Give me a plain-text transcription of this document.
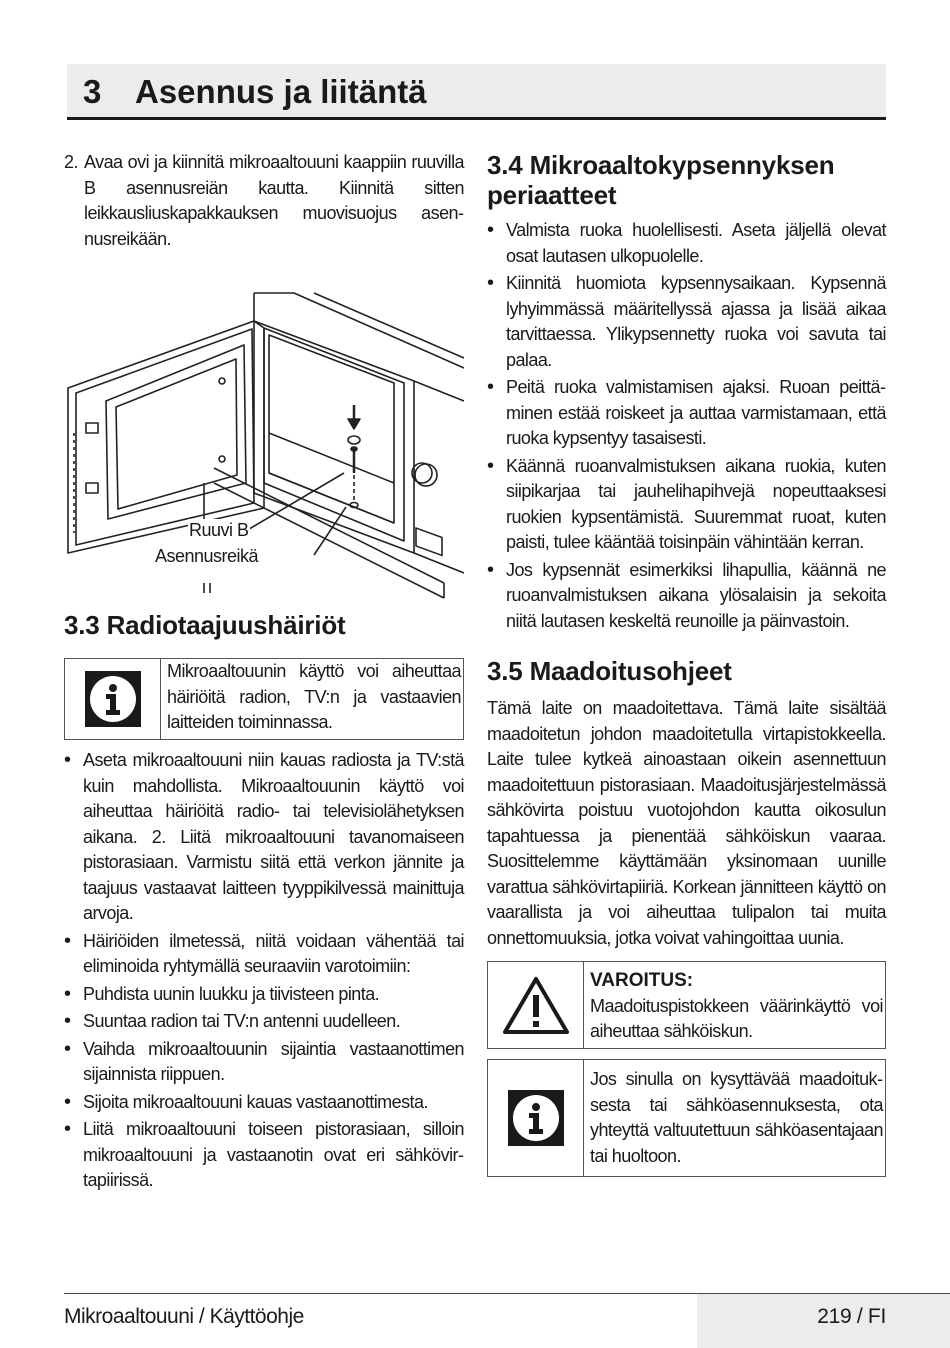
3 Asennus ja liitäntä
2. Avaa ovi ja kiinnitä mikroaaltouuni kaappiin ruuvilla B asennusreiän kautta. Kiinnitä sitten leikkausliuskapakkauksen muovisuojus asennusreikään.
Ruuvi B
Asennusreikä
3.3 Radiotaajuushäiriöt
Mikroaaltouunin käyttö voi aiheuttaa häiriöitä radion, TV:n ja vastaavien laitteiden toiminnassa.
• Aseta mikroaaltouuni niin kauas radiosta ja TV:stä kuin mahdollista. Mikroaaltouunin käyttö voi aiheuttaa häiriöitä radio- tai televisiolähetyksen aikana. 2. Liitä mikroaaltouuni tavanomaiseen pistorasiaan. Varmistu siitä että verkon jännite ja taajuus vastaavat laitteen tyyppikilvessä mainittuja arvoja.
• Häiriöiden ilmetessä, niitä voidaan vähentää tai eliminoida ryhtymällä seuraaviin varotoimiin:
• Puhdista uunin luukku ja tiivisteen pinta.
• Suuntaa radion tai TV:n antenni uudelleen.
• Vaihda mikroaaltouunin sijaintia vastaanottimen sijainnista riippuen.
• Sijoita mikroaaltouuni kauas vastaanottimesta.
• Liitä mikroaaltouuni toiseen pistorasiaan, silloin mikroaaltouuni ja vastaanotin ovat eri sähkövirtapiirissä.
3.4 Mikroaaltokypsennyksen periaatteet
• Valmista ruoka huolellisesti. Aseta jäljellä olevat osat lautasen ulkopuolelle.
• Kiinnitä huomiota kypsennysaikaan. Kypsennä lyhyimmässä määritellyssä ajassa ja lisää aikaa tarvittaessa. Ylikypsennetty ruoka voi savuta tai palaa.
• Peitä ruoka valmistamisen ajaksi. Ruoan peittäminen estää roiskeet ja auttaa varmistamaan, että ruoka kypsentyy tasaisesti.
• Käännä ruoanvalmistuksen aikana ruokia, kuten siipikarjaa tai jauhelihapihvejä nopeuttaaksesi ruokien kypsentämistä. Suuremmat ruoat, kuten paisti, tulee kääntää toisinpäin vähintään kerran.
• Jos kypsennät esimerkiksi lihapullia, käännä ne ruoanvalmistuksen aikana ylösalaisin ja sekoita niitä lautasen keskeltä reunoille ja päinvastoin.
3.5 Maadoitusohjeet

Tämä laite on maadoitettava. Tämä laite sisältää maadoitetun johdon maadoitetulla virtapistokkeella. Laite tulee kytkeä ainoastaan oikein asennettuun maadoitettuun pistorasiaan. Maadoitusjärjestelmässä sähkövirta poistuu vuotojohdon kautta oikosulun tapahtuessa ja pienentää sähköiskun vaaraa. Suosittelemme käyttämään yksinomaan uunille varattua sähkövirtapiiriä. Korkean jännitteen käyttö on vaarallista ja voi aiheuttaa tulipalon tai muita onnettomuuksia, jotka voivat vahingoittaa uunia.

VAROITUS:
Maadoituspistokkeen väärinkäyttö voi aiheuttaa sähköiskun.
Jos sinulla on kysyttävää maadoituksesta tai sähköasennuksesta, ota yhteyttä valtuutettuun sähköasentajaan tai huoltoon.
Mikroaaltouuni / Käyttöohje	219 / FI
